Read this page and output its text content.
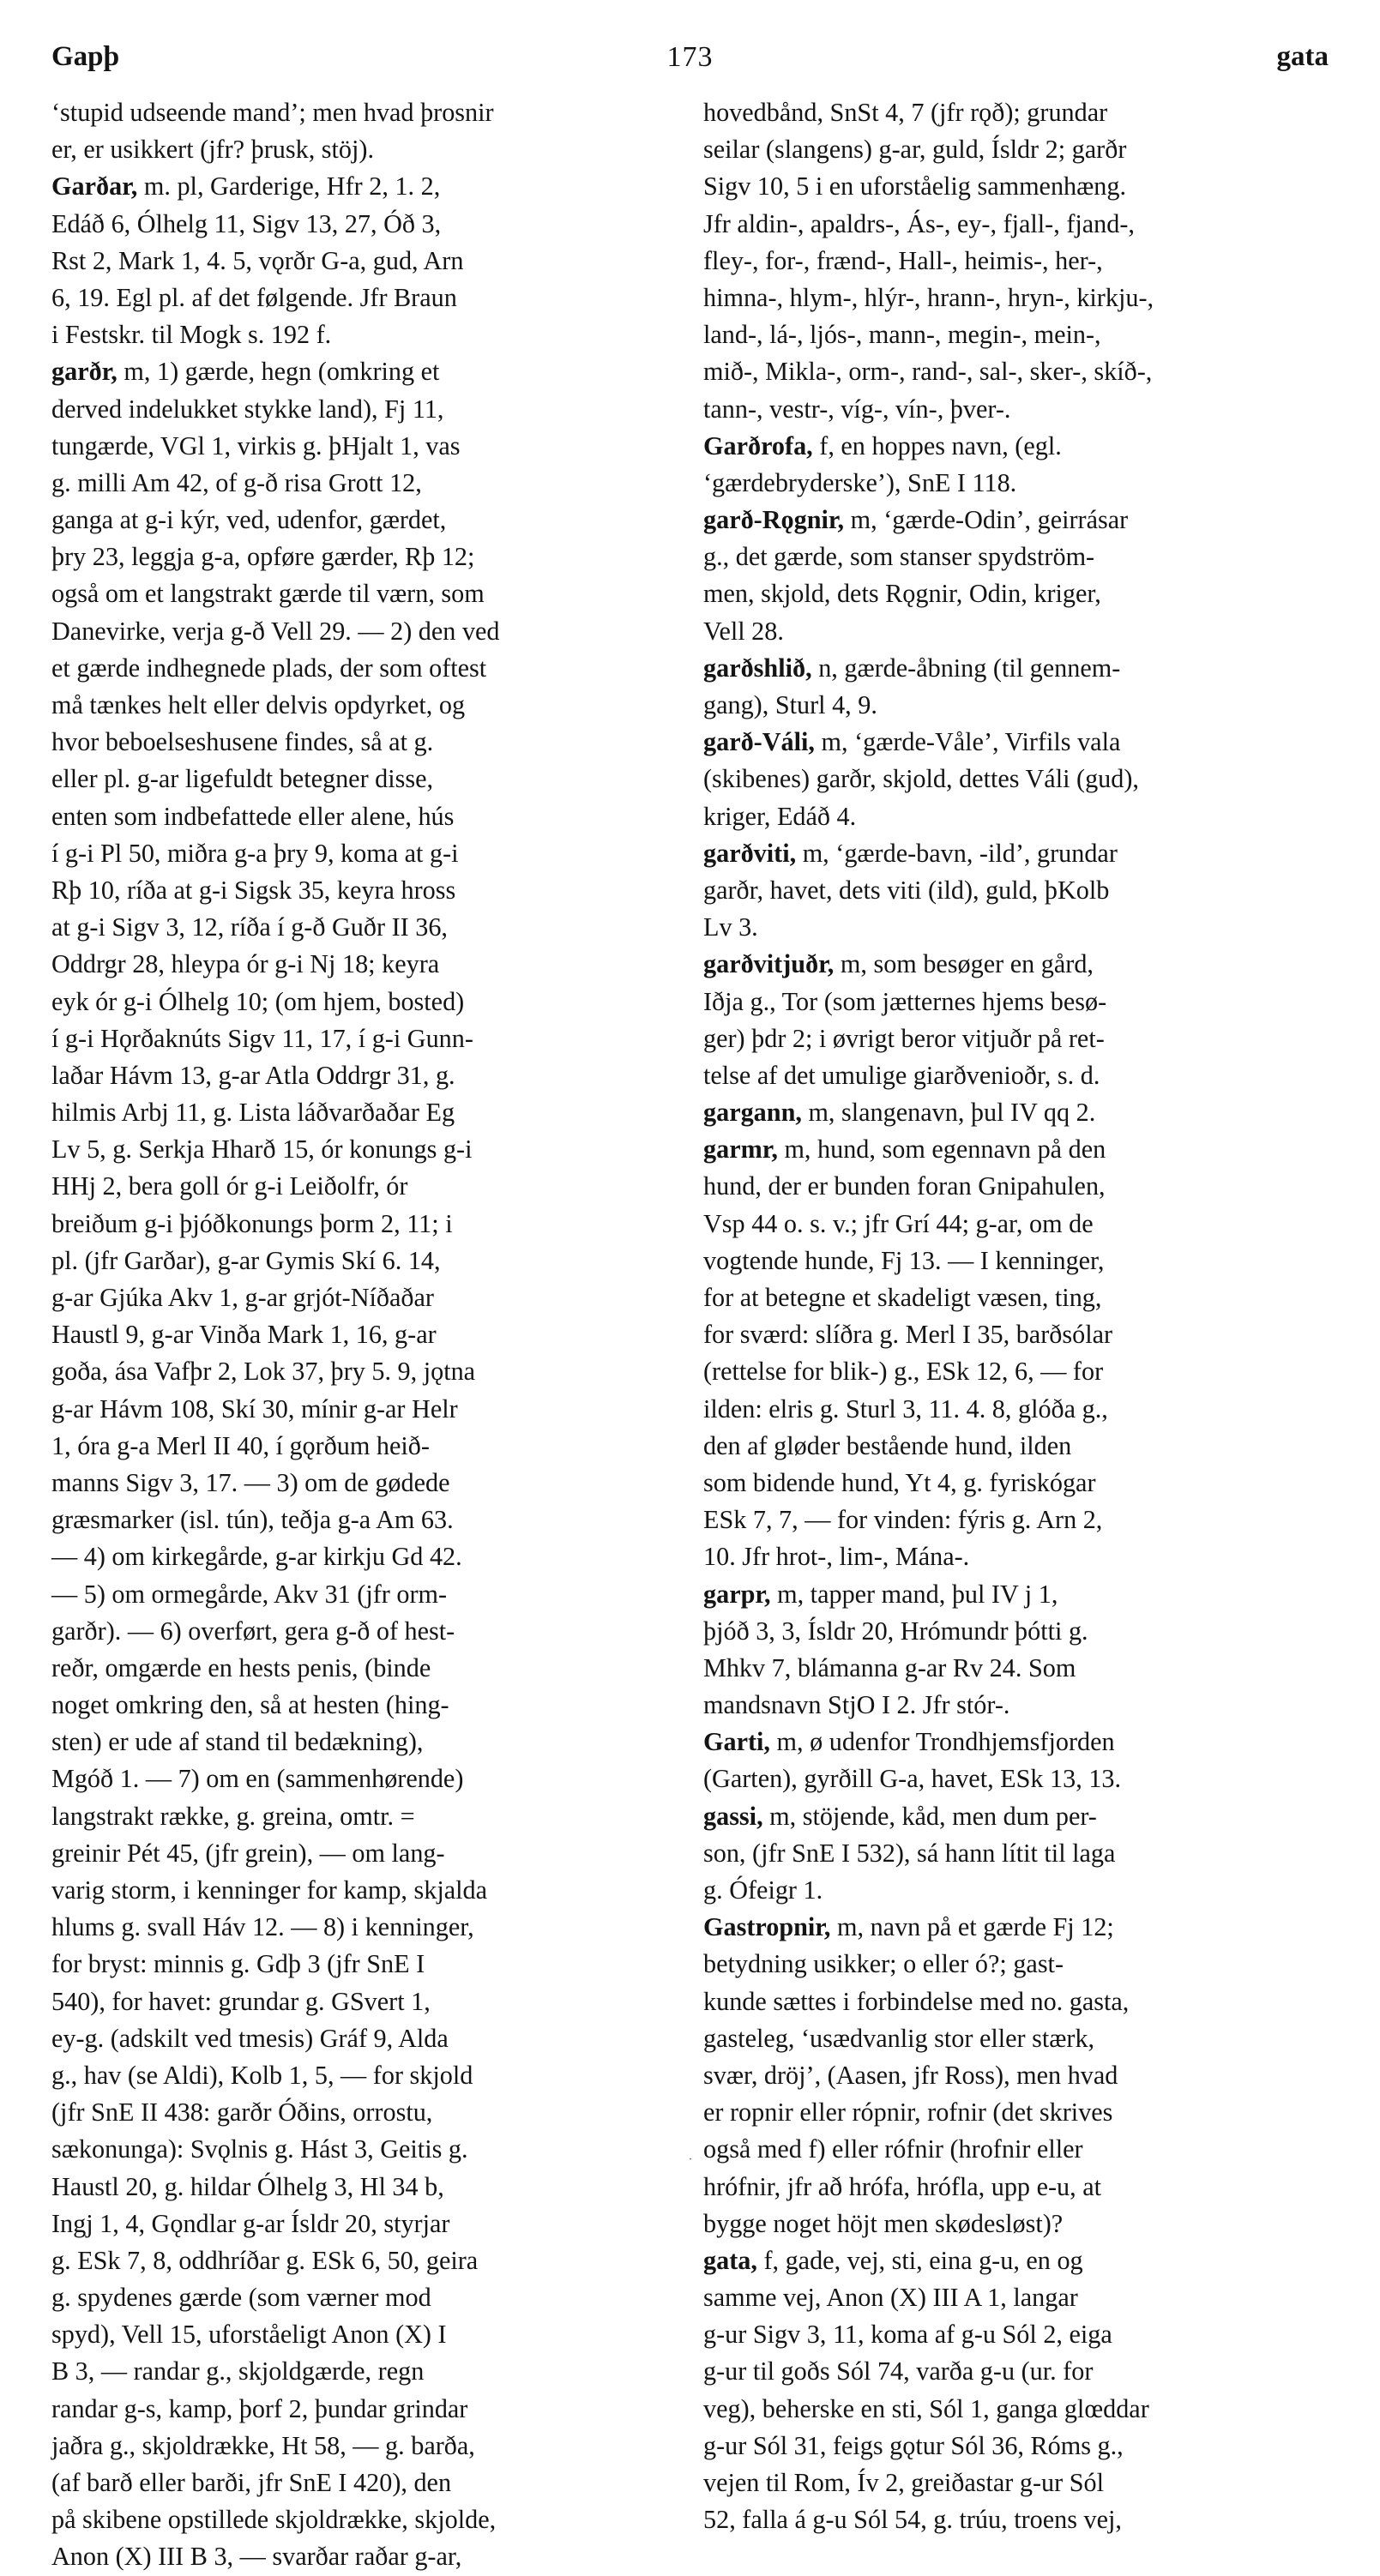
Gapþ	173	gata
‘stupid udseende mand’; men hvad þrosnir
er, er usikkert (jfr? þrusk, stöj).
Garðar, m. pl, Garderige, Hfr 2, 1. 2,
Edáð 6, Ólhelg 11, Sigv 13, 27, Óð 3,
Rst 2, Mark 1, 4. 5, vǫrðr G-a, gud, Arn
6, 19. Egl pl. af det følgende. Jfr Braun
i Festskr. til Mogk s. 192 f.
garðr, m, 1) gærde, hegn (omkring et
derved indelukket stykke land), Fj 11,
tungærde, VGl 1, virkis g. þHjalt 1, vas
g. milli Am 42, of g-ð risa Grott 12,
ganga at g-i kýr, ved, udenfor, gærdet,
þry 23, leggja g-a, opføre gærder, Rþ 12;
også om et langstrakt gærde til værn, som
Danevirke, verja g-ð Vell 29. — 2) den ved
et gærde indhegnede plads, der som oftest
må tænkes helt eller delvis opdyrket, og
hvor beboelseshusene findes, så at g.
eller pl. g-ar ligefuldt betegner disse,
enten som indbefattede eller alene, hús
í g-i Pl 50, miðra g-a þry 9, koma at g-i
Rþ 10, ríða at g-i Sigsk 35, keyra hross
at g-i Sigv 3, 12, ríða í g-ð Guðr II 36,
Oddrgr 28, hleypa ór g-i Nj 18; keyra
eyk ór g-i Ólhelg 10; (om hjem, bosted)
í g-i Hǫrðaknúts Sigv 11, 17, í g-i Gunn-
laðar Hávm 13, g-ar Atla Oddrgr 31, g.
hilmis Arbj 11, g. Lista láðvarðaðar Eg
Lv 5, g. Serkja Hharð 15, ór konungs g-i
HHj 2, bera goll ór g-i Leiðolfr, ór
breiðum g-i þjóðkonungs þorm 2, 11; i
pl. (jfr Garðar), g-ar Gymis Skí 6. 14,
g-ar Gjúka Akv 1, g-ar grjót-Níðaðar
Haustl 9, g-ar Vinða Mark 1, 16, g-ar
goða, ása Vafþr 2, Lok 37, þry 5. 9, jǫtna
g-ar Hávm 108, Skí 30, mínir g-ar Helr
1, óra g-a Merl II 40, í gǫrðum heið-
manns Sigv 3, 17. — 3) om de gødede
græsmarker (isl. tún), teðja g-a Am 63.
— 4) om kirkegårde, g-ar kirkju Gd 42.
— 5) om ormegårde, Akv 31 (jfr orm-
garðr). — 6) overført, gera g-ð of hest-
reðr, omgærde en hests penis, (binde
noget omkring den, så at hesten (hing-
sten) er ude af stand til bedækning),
Mgóð 1. — 7) om en (sammenhørende)
langstrakt række, g. greina, omtr. =
greinir Pét 45, (jfr grein), — om lang-
varig storm, i kenninger for kamp, skjalda
hlums g. svall Háv 12. — 8) i kenninger,
for bryst: minnis g. Gdþ 3 (jfr SnE I
540), for havet: grundar g. GSvert 1,
ey-g. (adskilt ved tmesis) Gráf 9, Alda
g., hav (se Aldi), Kolb 1, 5, — for skjold
(jfr SnE II 438: garðr Óðins, orrostu,
sækonunga): Svǫlnis g. Hást 3, Geitis g.
Haustl 20, g. hildar Ólhelg 3, Hl 34 b,
Ingj 1, 4, Gǫndlar g-ar Ísldr 20, styrjar
g. ESk 7, 8, oddhríðar g. ESk 6, 50, geira
g. spydenes gærde (som værner mod
spyd), Vell 15, uforståeligt Anon (X) I
B 3, — randar g., skjoldgærde, regn
randar g-s, kamp, þorf 2, þundar grindar
jaðra g., skjoldrække, Ht 58, — g. barða,
(af barð eller barði, jfr SnE I 420), den
på skibene opstillede skjoldrække, skjolde,
Anon (X) III B 3, — svarðar raðar g-ar,
hovedbånd, SnSt 4, 7 (jfr rǫð); grundar
seilar (slangens) g-ar, guld, Ísldr 2; garðr
Sigv 10, 5 i en uforståelig sammenhæng.
Jfr aldin-, apaldrs-, Ás-, ey-, fjall-, fjand-,
fley-, for-, frænd-, Hall-, heimis-, her-,
himna-, hlym-, hlýr-, hrann-, hryn-, kirkju-,
land-, lá-, ljós-, mann-, megin-, mein-,
mið-, Mikla-, orm-, rand-, sal-, sker-, skíð-,
tann-, vestr-, víg-, vín-, þver-.
Garðrofa, f, en hoppes navn, (egl.
‘gærdebryderske’), SnE I 118.
garð-Rǫgnir, m, ‘gærde-Odin’, geirrásar
g., det gærde, som stanser spydström-
men, skjold, dets Rǫgnir, Odin, kriger,
Vell 28.
garðshlið, n, gærde-åbning (til gennem-
gang), Sturl 4, 9.
garð-Váli, m, ‘gærde-Våle’, Virfils vala
(skibenes) garðr, skjold, dettes Váli (gud),
kriger, Edáð 4.
garðviti, m, ‘gærde-bavn, -ild’, grundar
garðr, havet, dets viti (ild), guld, þKolb
Lv 3.
garðvitjuðr, m, som besøger en gård,
Iðja g., Tor (som jætternes hjems besø-
ger) þdr 2; i øvrigt beror vitjuðr på ret-
telse af det umulige giarðvenioðr, s. d.
gargann, m, slangenavn, þul IV qq 2.
garmr, m, hund, som egennavn på den
hund, der er bunden foran Gnipahulen,
Vsp 44 o. s. v.; jfr Grí 44; g-ar, om de
vogtende hunde, Fj 13. — I kenninger,
for at betegne et skadeligt væsen, ting,
for sværd: slíðra g. Merl I 35, barðsólar
(rettelse for blik-) g., ESk 12, 6, — for
ilden: elris g. Sturl 3, 11. 4. 8, glóða g.,
den af gløder bestående hund, ilden
som bidende hund, Yt 4, g. fyriskógar
ESk 7, 7, — for vinden: fýris g. Arn 2,
10. Jfr hrot-, lim-, Mána-.
garpr, m, tapper mand, þul IV j 1,
þjóð 3, 3, Ísldr 20, Hrómundr þótti g.
Mhkv 7, blámanna g-ar Rv 24. Som
mandsnavn StjO I 2. Jfr stór-.
Garti, m, ø udenfor Trondhjemsfjorden
(Garten), gyrðill G-a, havet, ESk 13, 13.
gassi, m, stöjende, kåd, men dum per-
son, (jfr SnE I 532), sá hann lítit til laga
g. Ófeigr 1.
Gastropnir, m, navn på et gærde Fj 12;
betydning usikker; o eller ó?; gast-
kunde sættes i forbindelse med no. gasta,
gasteleg, ‘usædvanlig stor eller stærk,
svær, dröj’, (Aasen, jfr Ross), men hvad
er ropnir eller rópnir, rofnir (det skrives
også med f) eller rófnir (hrofnir eller
hrófnir, jfr að hrófa, hrófla, upp e-u, at
bygge noget höjt men skødesløst)?
gata, f, gade, vej, sti, eina g-u, en og
samme vej, Anon (X) III A 1, langar
g-ur Sigv 3, 11, koma af g-u Sól 2, eiga
g-ur til goðs Sól 74, varða g-u (ur. for
veg), beherske en sti, Sól 1, ganga glœddar
g-ur Sól 31, feigs gǫtur Sól 36, Róms g.,
vejen til Rom, Ív 2, greiðastar g-ur Sól
52, falla á g-u Sól 54, g. trúu, troens vej,
·
